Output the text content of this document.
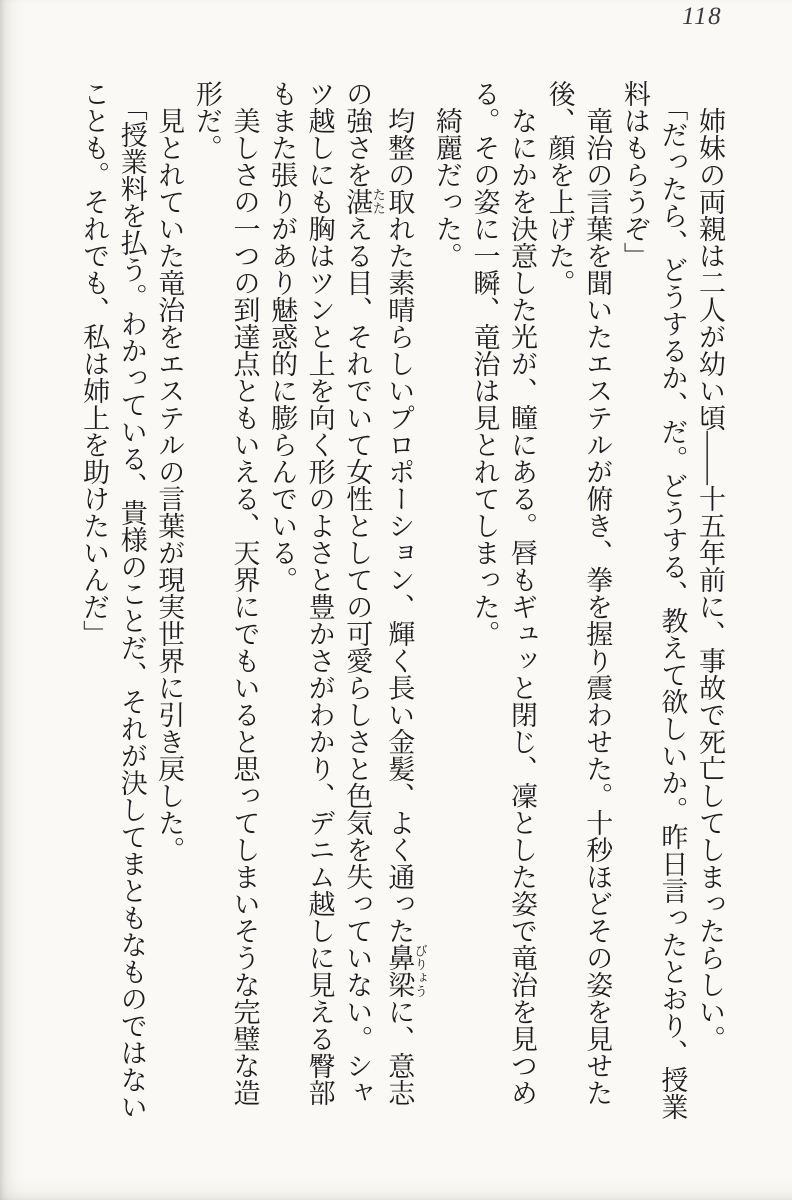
118

姉妹の両親は二人が幼い頃――十五年前に、事故で死亡してしまったらしい。

「だったら、どうするか、だ。どうする、教えて欲しいか。昨日言ったとおり、授業料はもらうぞ」

竜治の言葉を聞いたエステルが俯き、拳を握り震わせた。十秒ほどその姿を見せた後、顔を上げた。

なにかを決意した光が、瞳にある。唇もギュッと閉じ、凜とした姿で竜治を見つめる。その姿に一瞬、竜治は見とれてしまった。

綺麗だった。

均整の取れた素晴らしいプロポーション、輝く長い金髪、よく通った鼻梁びりょうに、意志の強さを湛たたえる目、それでいて女性としての可愛らしさと色気を失っていない。シャツ越しにも胸はツンと上を向く形のよさと豊かさがわかり、デニム越しに見える臀部もまた張りがあり魅惑的に膨らんでいる。

美しさの一つの到達点ともいえる、天界にでもいると思ってしまいそうな完璧な造形だ。

見とれていた竜治をエステルの言葉が現実世界に引き戻した。

「授業料を払う。わかっている、貴様のことだ、それが決してまともなものではないことも。それでも、私は姉上を助けたいんだ」
